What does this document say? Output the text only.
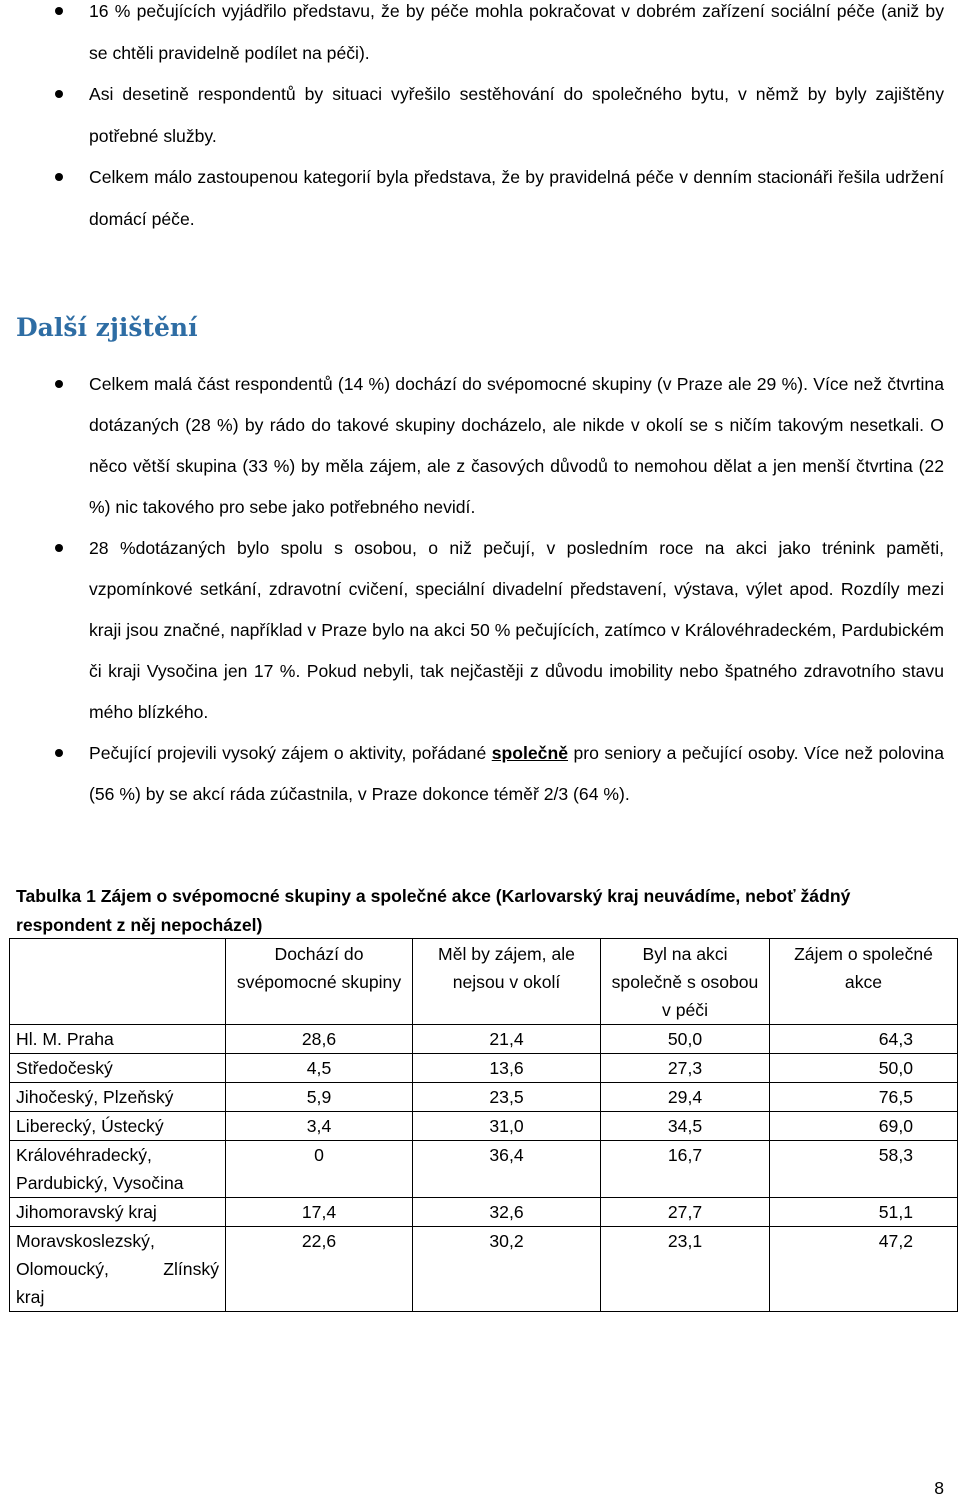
16 % pečujících vyjádřilo představu, že by péče mohla pokračovat v dobrém zařízení sociální péče (aniž by se chtěli pravidelně podílet na péči).

Asi desetině respondentů by situaci vyřešilo sestěhování do společného bytu, v němž by byly zajištěny potřebné služby.

Celkem málo zastoupenou kategorií byla představa, že by pravidelná péče v denním stacionáři řešila udržení domácí péče.

Další zjištění

Celkem malá část respondentů (14 %) dochází do svépomocné skupiny (v Praze ale 29 %). Více než čtvrtina dotázaných (28 %) by rádo do takové skupiny docházelo, ale nikde v okolí se s ničím takovým nesetkali. O něco větší skupina (33 %) by měla zájem, ale z časových důvodů to nemohou dělat a jen menší čtvrtina (22 %) nic takového pro sebe jako potřebného nevidí.

28 %dotázaných bylo spolu s osobou, o niž pečují, v posledním roce na akci jako trénink paměti, vzpomínkové setkání, zdravotní cvičení, speciální divadelní představení, výstava, výlet apod. Rozdíly mezi kraji jsou značné, například v Praze bylo na akci 50 % pečujících, zatímco v Královéhradeckém, Pardubickém či kraji Vysočina jen 17 %. Pokud nebyli, tak nejčastěji z důvodu imobility nebo špatného zdravotního stavu mého blízkého.

Pečující projevili vysoký zájem o aktivity, pořádané společně pro seniory a pečující osoby. Více než polovina (56 %) by se akcí ráda zúčastnila, v Praze dokonce téměř 2/3 (64 %).

Tabulka 1 Zájem o svépomocné skupiny a společné akce (Karlovarský kraj neuvádíme, neboť žádný respondent z něj nepocházel)

	Dochází do svépomocné skupiny	Měl by zájem, ale nejsou v okolí	Byl na akci společně s osobou v péči	Zájem o společné akce
Hl. M. Praha	28,6	21,4	50,0	64,3
Středočeský	4,5	13,6	27,3	50,0
Jihočeský, Plzeňský	5,9	23,5	29,4	76,5
Liberecký, Ústecký	3,4	31,0	34,5	69,0
Královéhradecký, Pardubický, Vysočina	0	36,4	16,7	58,3
Jihomoravský kraj	17,4	32,6	27,7	51,1

Moravskoslezský,
Olomoucký, Zlínský
kraj	22,6	30,2	23,1	47,2

8
